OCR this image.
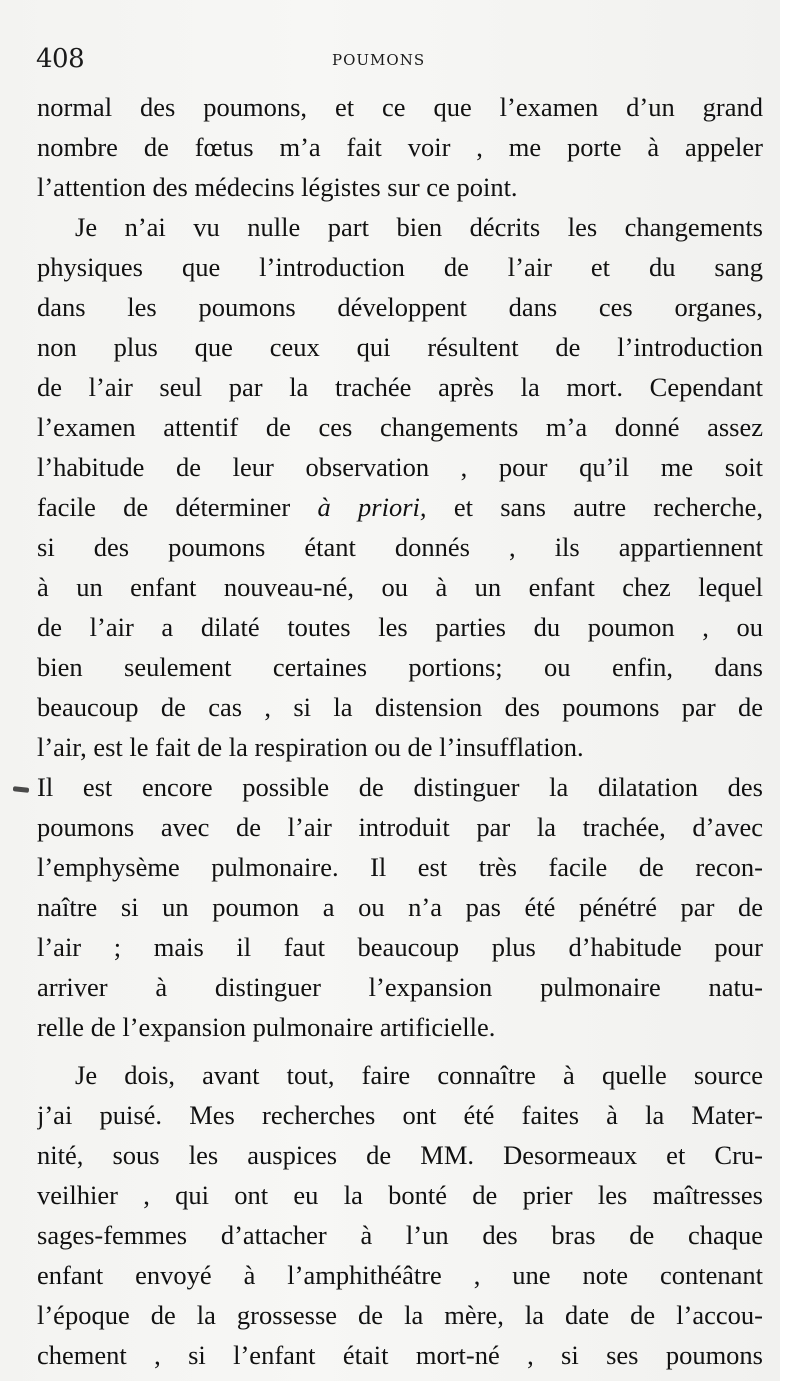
408	POUMONS
normal des poumons, et ce que l’examen d’un grand
nombre de fœtus m’a fait voir , me porte à appeler
l’attention des médecins légistes sur ce point.
Je n’ai vu nulle part bien décrits les changements
physiques que l’introduction de l’air et du sang
dans les poumons développent dans ces organes,
non plus que ceux qui résultent de l’introduction
de l’air seul par la trachée après la mort. Cependant
l’examen attentif de ces changements m’a donné assez
l’habitude de leur observation , pour qu’il me soit
facile de déterminer à priori, et sans autre recherche,
si des poumons étant donnés , ils appartiennent
à un enfant nouveau-né, ou à un enfant chez lequel
de l’air a dilaté toutes les parties du poumon , ou
bien seulement certaines portions; ou enfin, dans
beaucoup de cas , si la distension des poumons par de
l’air, est le fait de la respiration ou de l’insufflation.
Il est encore possible de distinguer la dilatation des
poumons avec de l’air introduit par la trachée, d’avec
l’emphysème pulmonaire. Il est très facile de recon-
naître si un poumon a ou n’a pas été pénétré par de
l’air ; mais il faut beaucoup plus d’habitude pour
arriver à distinguer l’expansion pulmonaire natu-
relle de l’expansion pulmonaire artificielle.
Je dois, avant tout, faire connaître à quelle source
j’ai puisé. Mes recherches ont été faites à la Mater-
nité, sous les auspices de MM. Desormeaux et Cru-
veilhier , qui ont eu la bonté de prier les maîtresses
sages-femmes d’attacher à l’un des bras de chaque
enfant envoyé à l’amphithéâtre , une note contenant
l’époque de la grossesse de la mère, la date de l’accou-
chement , si l’enfant était mort-né , si ses poumons
